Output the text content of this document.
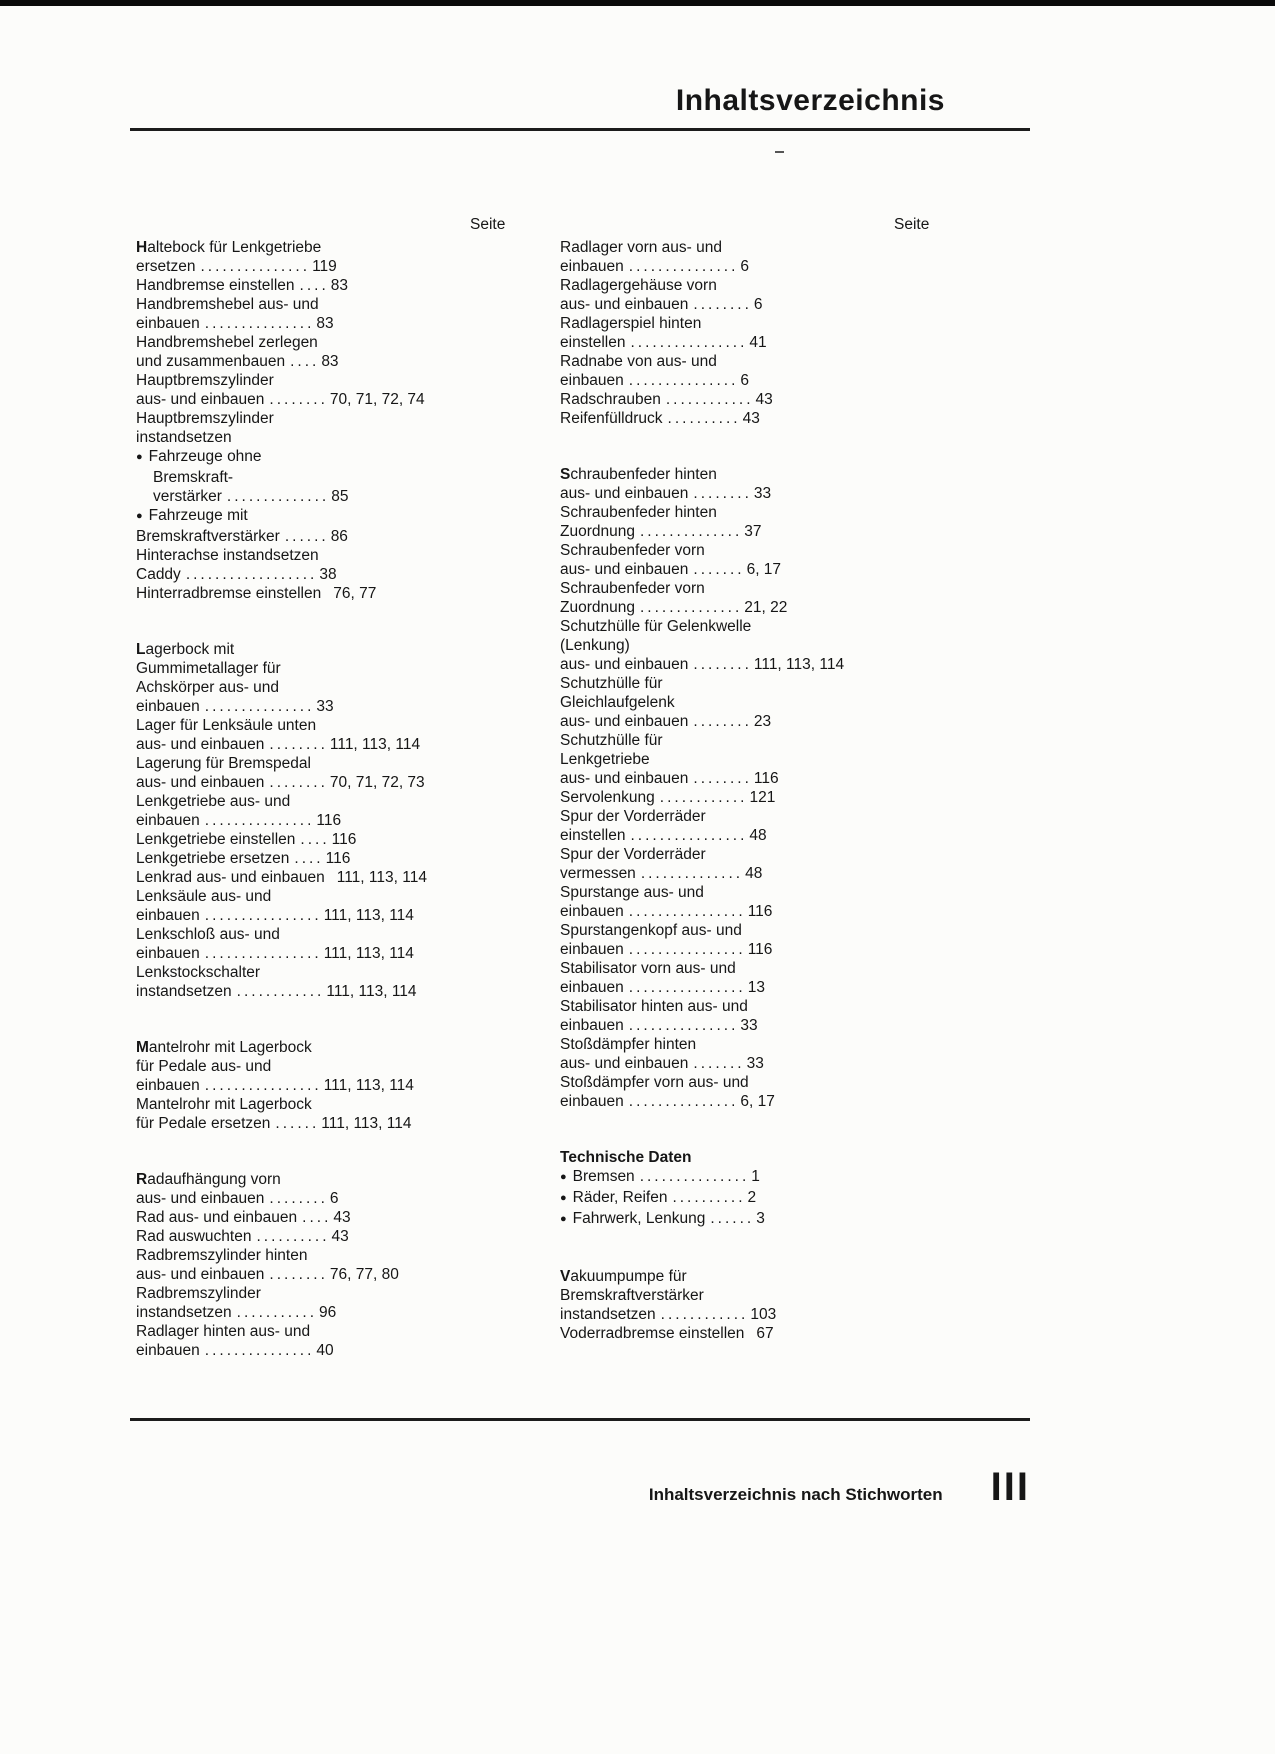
Inhaltsverzeichnis
Seite
Haltebock für Lenkgetriebe
ersetzen ............... 119
Handbremse einstellen .... 83
Handbremshebel aus- und
einbauen ............... 83
Handbremshebel zerlegen
und zusammenbauen .... 83
Hauptbremszylinder
aus- und einbauen ........ 70, 71, 72, 74
Hauptbremszylinder
instandsetzen
● Fahrzeuge ohne
Bremskraft-
verstärker .............. 85
● Fahrzeuge mit
Bremskraftverstärker ...... 86
Hinterachse instandsetzen
Caddy .................. 38
Hinterradbremse einstellen 76, 77
Lagerbock mit
Gummimetallager für
Achskörper aus- und
einbauen ............... 33
Lager für Lenksäule unten
aus- und einbauen ........ 111, 113, 114
Lagerung für Bremspedal
aus- und einbauen ........ 70, 71, 72, 73
Lenkgetriebe aus- und
einbauen ............... 116
Lenkgetriebe einstellen .... 116
Lenkgetriebe ersetzen .... 116
Lenkrad aus- und einbauen 111, 113, 114
Lenksäule aus- und
einbauen ................ 111, 113, 114
Lenkschloß aus- und
einbauen ................ 111, 113, 114
Lenkstockschalter
instandsetzen ............ 111, 113, 114
Mantelrohr mit Lagerbock
für Pedale aus- und
einbauen ................ 111, 113, 114
Mantelrohr mit Lagerbock
für Pedale ersetzen ...... 111, 113, 114
Radaufhängung vorn
aus- und einbauen ........ 6
Rad aus- und einbauen .... 43
Rad auswuchten .......... 43
Radbremszylinder hinten
aus- und einbauen ........ 76, 77, 80
Radbremszylinder
instandsetzen ........... 96
Radlager hinten aus- und
einbauen ............... 40
Seite
Radlager vorn aus- und
einbauen ............... 6
Radlagergehäuse vorn
aus- und einbauen ........ 6
Radlagerspiel hinten
einstellen ................ 41
Radnabe von aus- und
einbauen ............... 6
Radschrauben ............ 43
Reifenfülldruck .......... 43
Schraubenfeder hinten
aus- und einbauen ........ 33
Schraubenfeder hinten
Zuordnung .............. 37
Schraubenfeder vorn
aus- und einbauen ....... 6, 17
Schraubenfeder vorn
Zuordnung .............. 21, 22
Schutzhülle für Gelenkwelle
(Lenkung)
aus- und einbauen ........ 111, 113, 114
Schutzhülle für
Gleichlaufgelenk
aus- und einbauen ........ 23
Schutzhülle für
Lenkgetriebe
aus- und einbauen ........ 116
Servolenkung ............ 121
Spur der Vorderräder
einstellen ................ 48
Spur der Vorderräder
vermessen .............. 48
Spurstange aus- und
einbauen ................ 116
Spurstangenkopf aus- und
einbauen ................ 116
Stabilisator vorn aus- und
einbauen ................ 13
Stabilisator hinten aus- und
einbauen ............... 33
Stoßdämpfer hinten
aus- und einbauen ....... 33
Stoßdämpfer vorn aus- und
einbauen ............... 6, 17
Technische Daten
● Bremsen ............... 1
● Räder, Reifen .......... 2
● Fahrwerk, Lenkung ...... 3
Vakuumpumpe für
Bremskraftverstärker
instandsetzen ............ 103
Voderradbremse einstellen 67
Inhaltsverzeichnis nach Stichworten III
